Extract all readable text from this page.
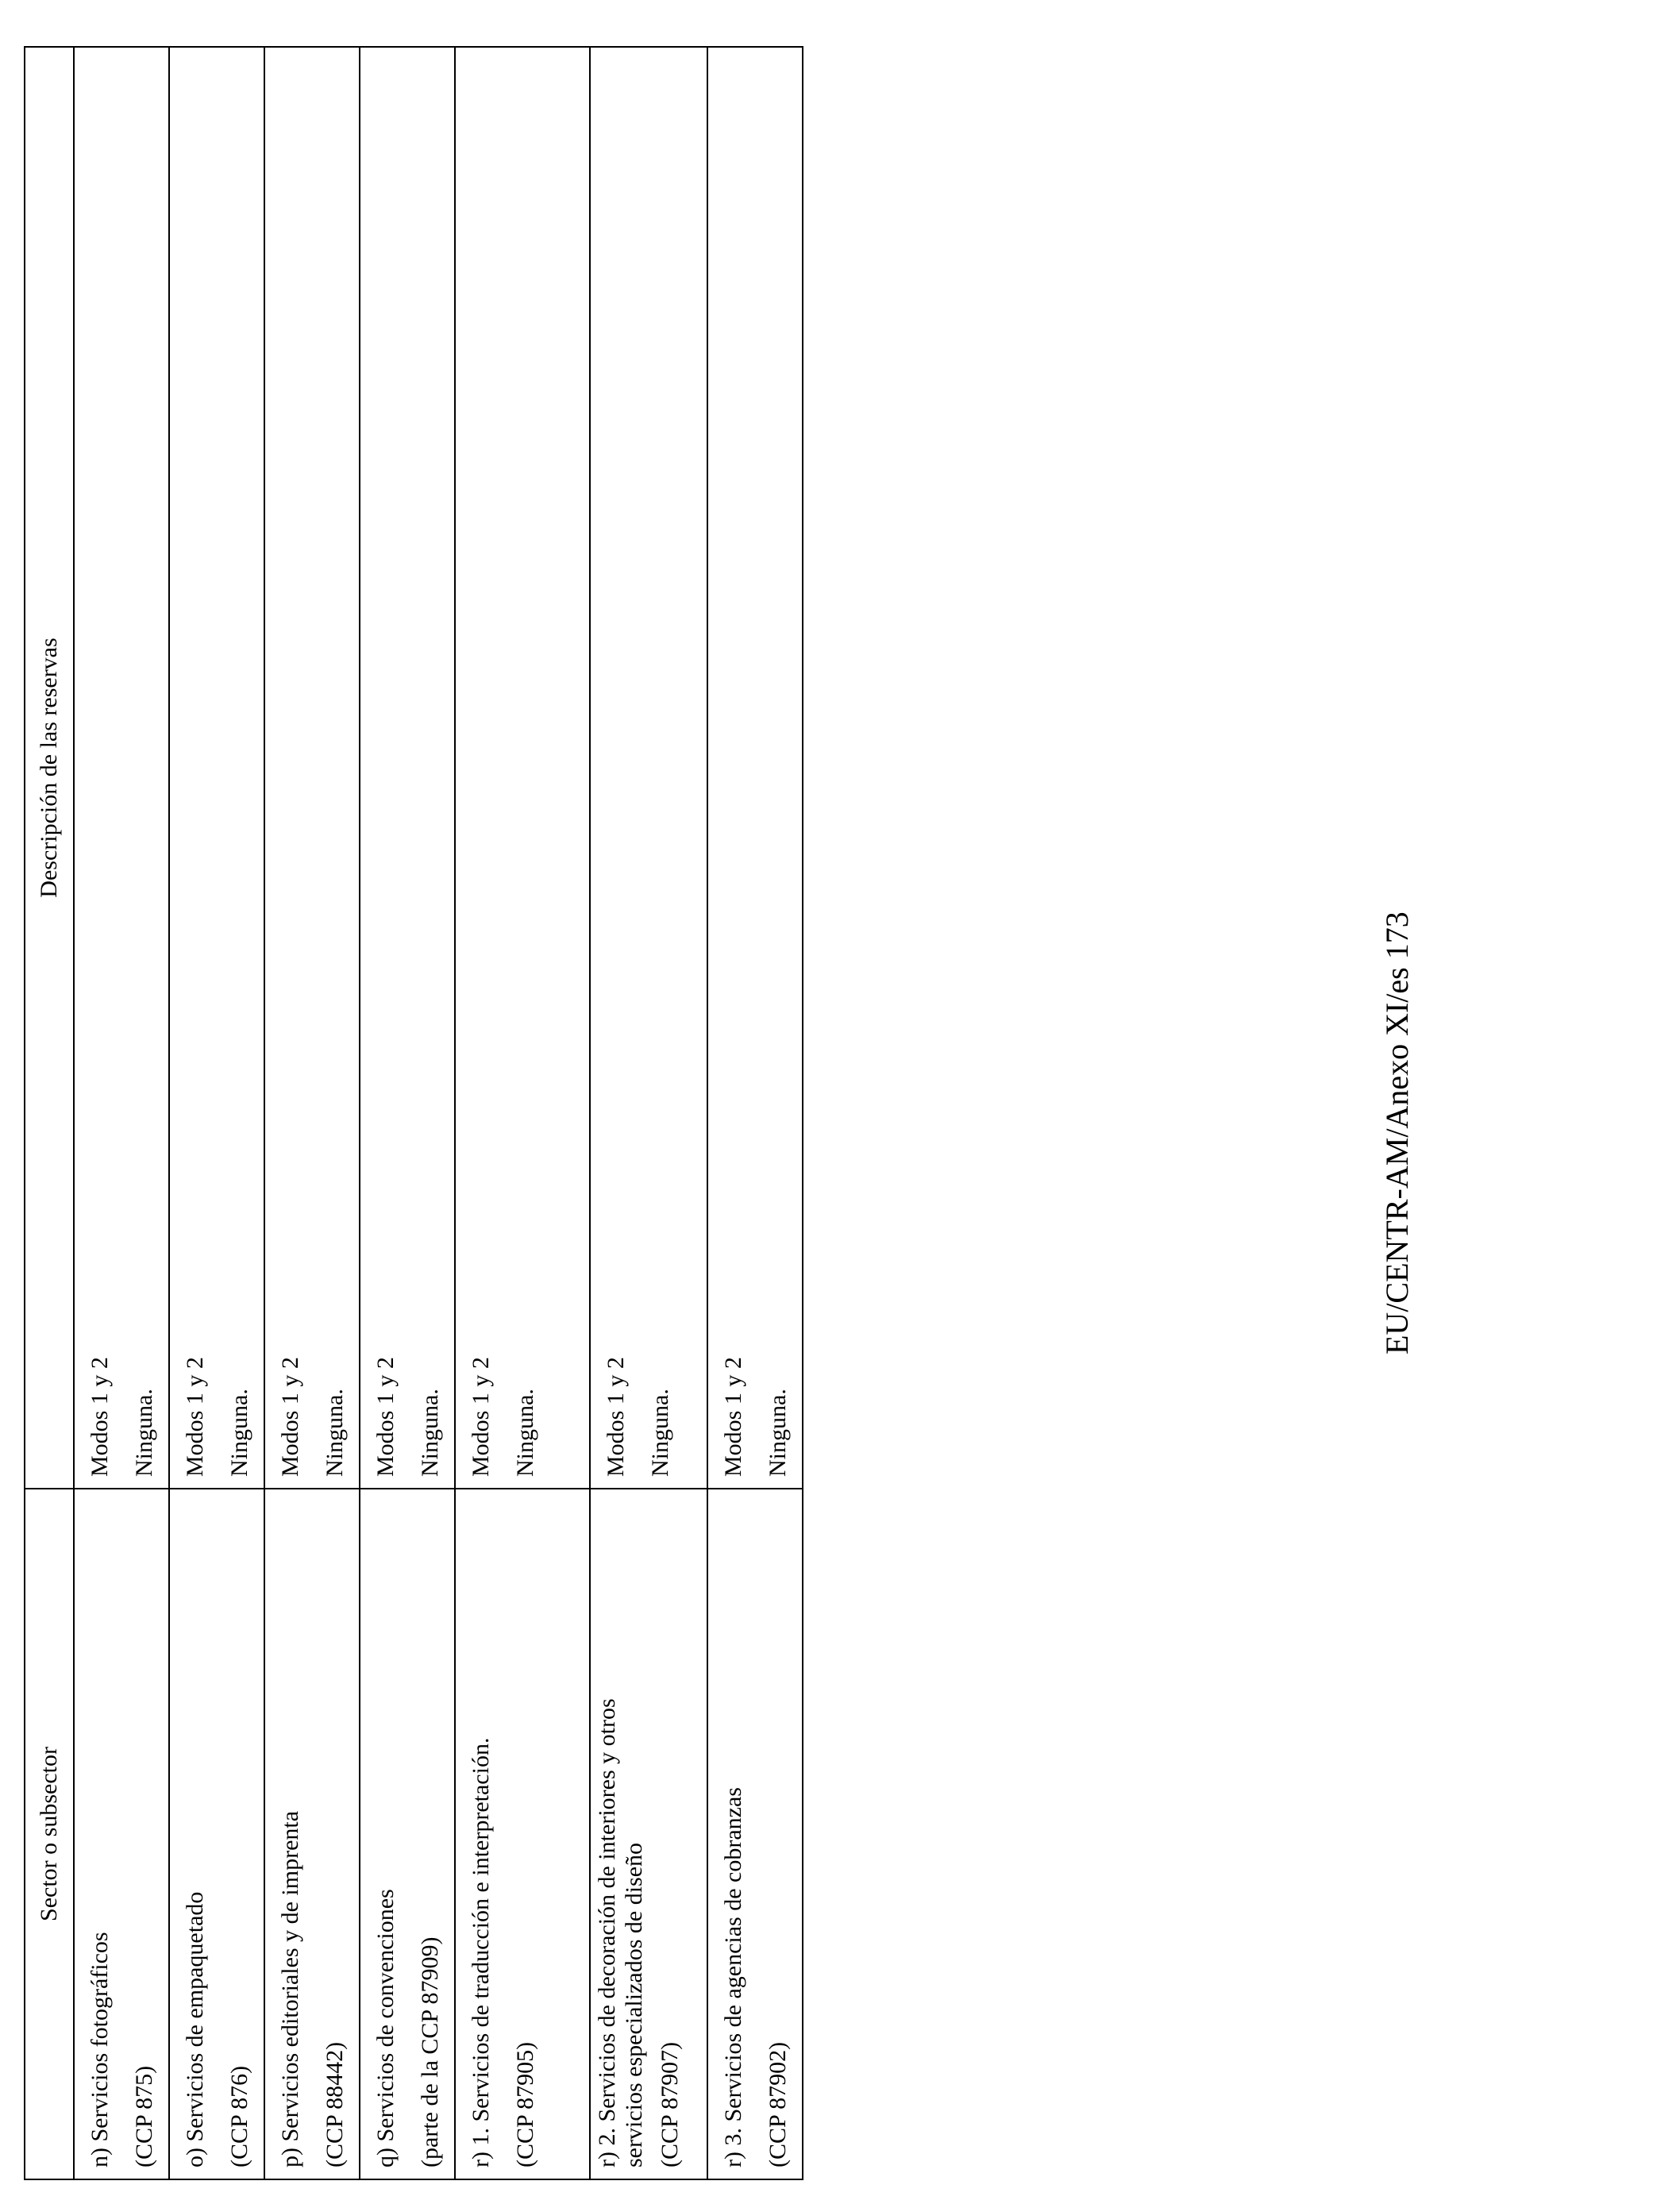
Sector o subsector	Descripción de las reservas

n) Servicios fotográficos (CCP 875)	Modos 1 y 2 Ninguna.

o) Servicios de empaquetado (CCP 876)	Modos 1 y 2 Ninguna.

p) Servicios editoriales y de imprenta (CCP 88442)	Modos 1 y 2 Ninguna.

q) Servicios de convenciones (parte de la CCP 87909)	Modos 1 y 2 Ninguna.

r) 1. Servicios de traducción e interpretación. (CCP 87905)	Modos 1 y 2 Ninguna.

r) 2. Servicios de decoración de interiores y otros servicios especializados de diseño (CCP 87907)	Modos 1 y 2 Ninguna.

r) 3. Servicios de agencias de cobranzas (CCP 87902)	Modos 1 y 2 Ninguna.
EU/CENTR-AM/Anexo XI/es 173
